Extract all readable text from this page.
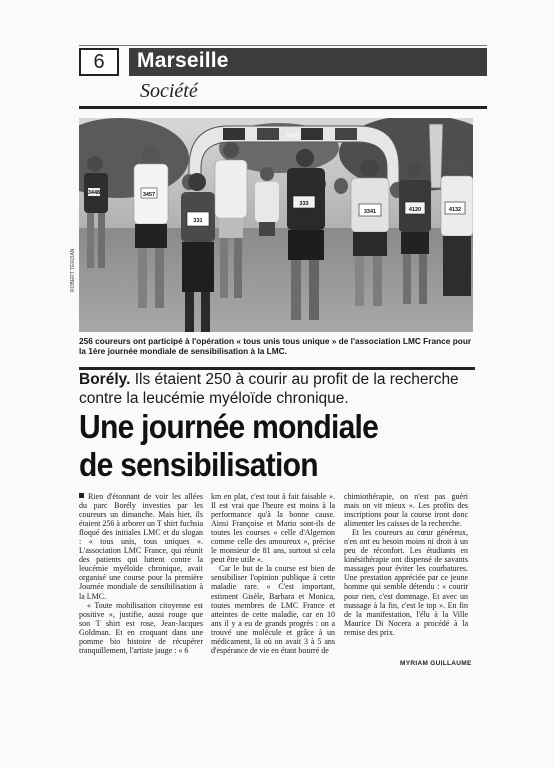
6	Marseille
Société
KMS
3457
331
333
3341	4120
3448
4132
ROBERT TERZIAN
256 coureurs ont participé à l'opération « tous unis tous unique » de l'association LMC France pour la 1ère journée mondiale de sensibilisation à la LMC.
Borély. Ils étaient 250 à courir au profit de la recherche
contre la leucémie myéloïde chronique.
Une journée mondiale
de sensibilisation

Rien d'étonnant de voir les allées du parc Borély investies par les coureurs un dimanche. Mais hier, ils étaient 256 à arborer un T shirt fuchsia floqué des initiales LMC et du slogan : « tous unis, tous uniques ». L'association LMC France, qui réunit des patients qui luttent contre la leucémie myéloïde chronique, avait organisé une course pour la première Journée mondiale de sensibilisation à la LMC.

« Toute mobilisation citoyenne est positive », justifie, aussi rouge que son T shirt est rose, Jean-Jacques Goldman. Et en croquant dans une pomme bio histoire de récupérer tranquillement, l'artiste jauge : « 6

km en plat, c'est tout à fait faisable ». Il est vrai que l'heure est moins à la performance qu'à la bonne cause. Ainsi Françoise et Mario sont-ils de toutes les courses « celle d'Algernon comme celle des amoureux », précise le monsieur de 81 ans, surtout si cela peut être utile ».

Car le but de la course est bien de sensibiliser l'opinion publique à cette maladie rare. « C'est important, estiment Gisèle, Barbara et Monica, toutes membres de LMC France et atteintes de cette maladie, car en 10 ans il y a eu de grands progrès : on a trouvé une molécule et grâce à un médicament, là où on avait 3 à 5 ans d'espérance de vie en étant bourré de

chimiothérapie, on n'est pas guéri mais on vit mieux ». Les profits des inscriptions pour la course iront donc alimenter les caisses de la recherche.

Et les coureurs au cœur généreux, n'en ont eu besoin moins ni droit à un peu de réconfort. Les étudiants en kinésithérapie ont dispensé de savants massages pour éviter les courbatures. Une prestation appréciée par ce jeune homme qui semble détendu : « courir pour rien, c'est dommage. Et avec un massage à la fin, c'est le top ». En fin de la manifestation, l'élu à la Ville Maurice Di Nocera a procédé à la remise des prix.

MYRIAM GUILLAUME
